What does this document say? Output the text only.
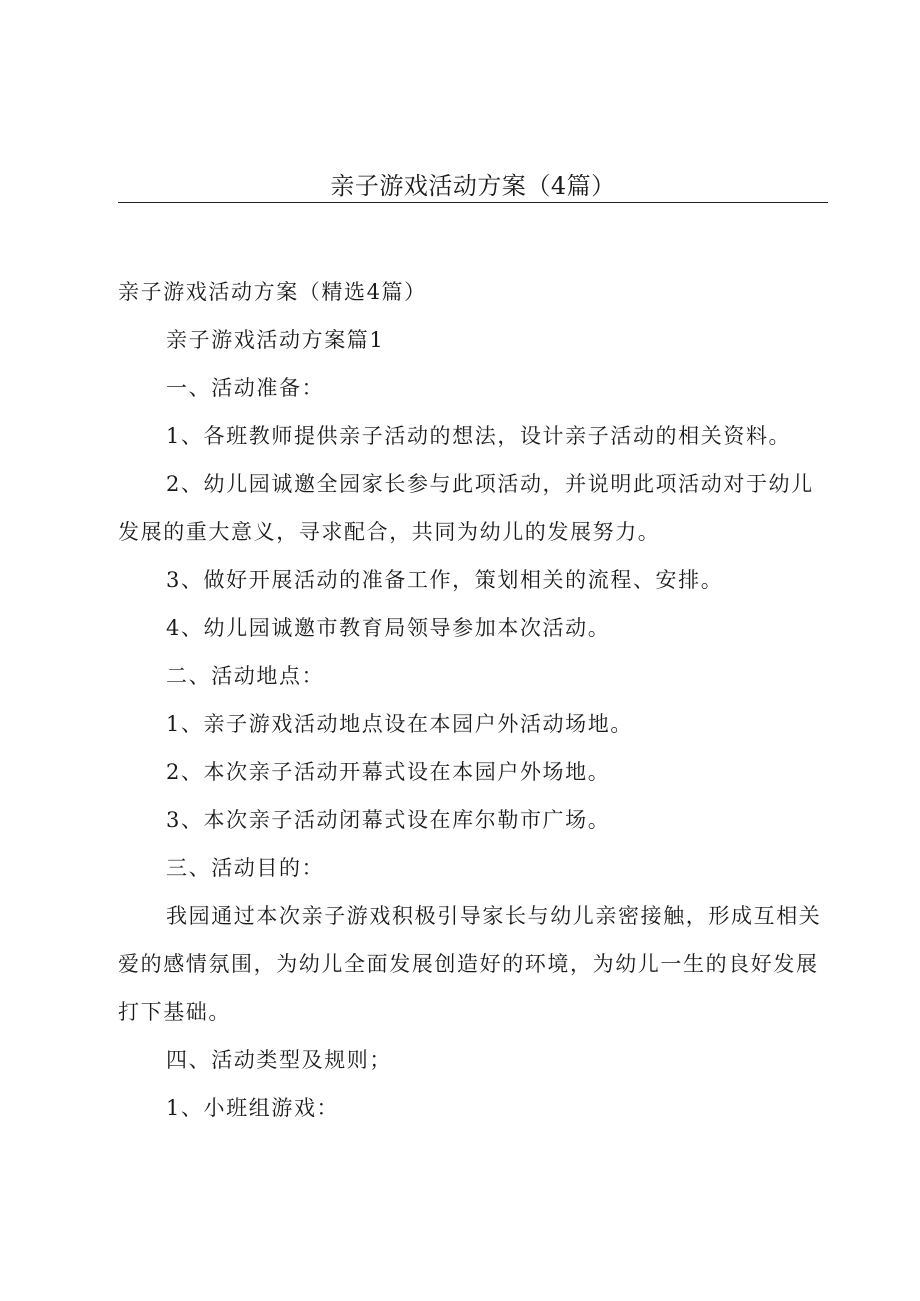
亲子游戏活动方案（4篇）

亲子游戏活动方案（精选4篇）

亲子游戏活动方案篇1

一、活动准备：

1、各班教师提供亲子活动的想法，设计亲子活动的相关资料。

2、幼儿园诚邀全园家长参与此项活动，并说明此项活动对于幼儿发展的重大意义，寻求配合，共同为幼儿的发展努力。

3、做好开展活动的准备工作，策划相关的流程、安排。

4、幼儿园诚邀市教育局领导参加本次活动。

二、活动地点：

1、亲子游戏活动地点设在本园户外活动场地。

2、本次亲子活动开幕式设在本园户外场地。

3、本次亲子活动闭幕式设在库尔勒市广场。

三、活动目的：

我园通过本次亲子游戏积极引导家长与幼儿亲密接触，形成互相关爱的感情氛围，为幼儿全面发展创造好的环境，为幼儿一生的良好发展打下基础。

四、活动类型及规则；

1、小班组游戏：
